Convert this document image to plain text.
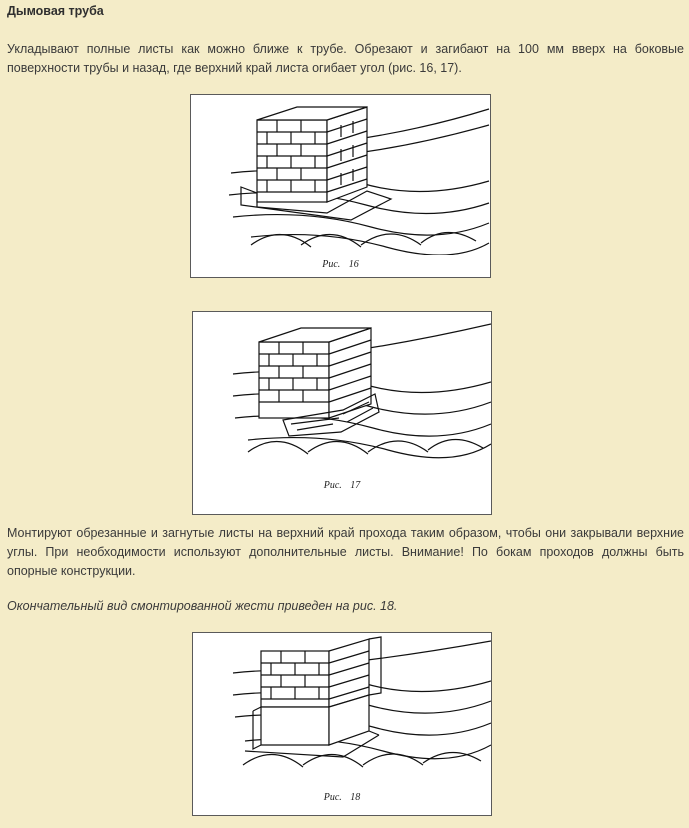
Дымовая труба

Укладывают полные листы как можно ближе к трубе. Обрезают и загибают на 100 мм вверх на боковые поверхности трубы и назад, где верхний край листа огибает угол (рис. 16, 17).

Рис. 16
Рис. 17

Монтируют обрезанные и загнутые листы на верхний край прохода таким образом, чтобы они закрывали верхние углы. При необходимости используют дополнительные листы. Внимание! По бокам проходов должны быть опорные конструкции.

Окончательный вид смонтированной жести приведен на рис. 18.

Рис. 18
